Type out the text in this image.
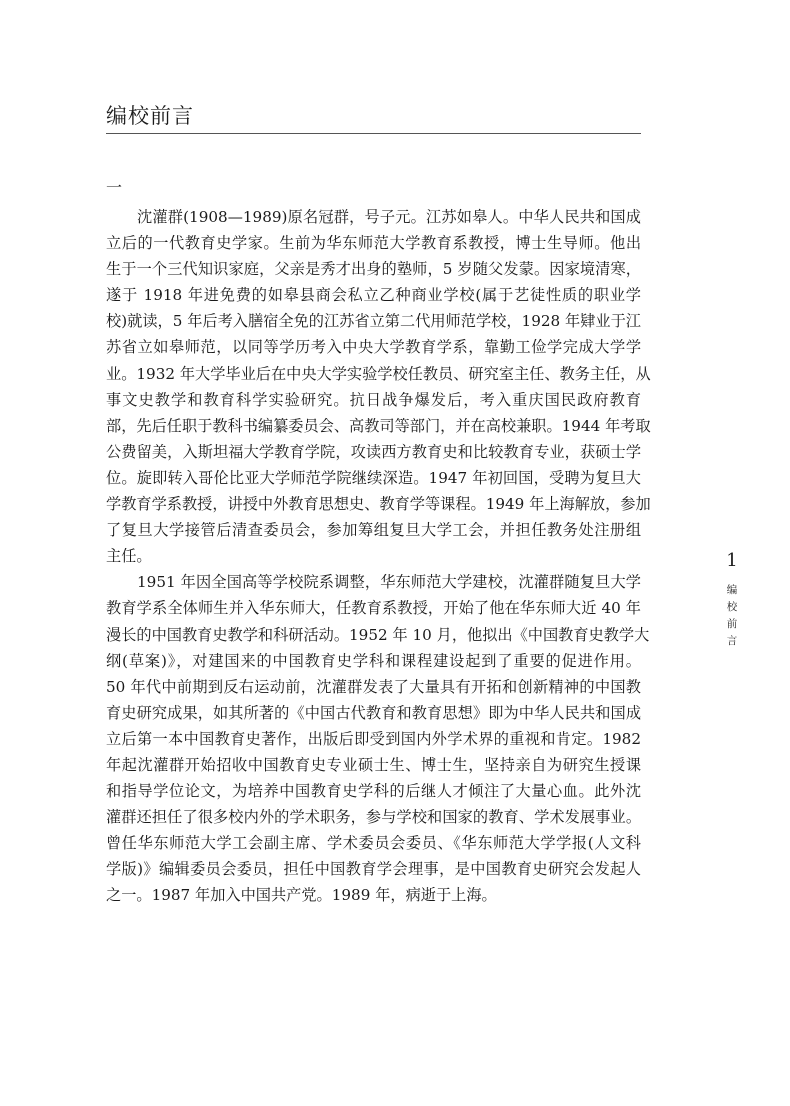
编校前言
一
沈灌群(1908—1989)原名冠群，号子元。江苏如皋人。中华人民共和国成
立后的一代教育史学家。生前为华东师范大学教育系教授，博士生导师。他出
生于一个三代知识家庭，父亲是秀才出身的塾师，5 岁随父发蒙。因家境清寒，
遂于 1918 年进免费的如皋县商会私立乙种商业学校(属于艺徒性质的职业学
校)就读，5 年后考入膳宿全免的江苏省立第二代用师范学校，1928 年肄业于江
苏省立如皋师范，以同等学历考入中央大学教育学系，靠勤工俭学完成大学学
业。1932 年大学毕业后在中央大学实验学校任教员、研究室主任、教务主任，从
事文史教学和教育科学实验研究。抗日战争爆发后，考入重庆国民政府教育
部，先后任职于教科书编纂委员会、高教司等部门，并在高校兼职。1944 年考取
公费留美，入斯坦福大学教育学院，攻读西方教育史和比较教育专业，获硕士学
位。旋即转入哥伦比亚大学师范学院继续深造。1947 年初回国，受聘为复旦大
学教育学系教授，讲授中外教育思想史、教育学等课程。1949 年上海解放，参加
了复旦大学接管后清查委员会，参加筹组复旦大学工会，并担任教务处注册组
主任。
1951 年因全国高等学校院系调整，华东师范大学建校，沈灌群随复旦大学
教育学系全体师生并入华东师大，任教育系教授，开始了他在华东师大近 40 年
漫长的中国教育史教学和科研活动。1952 年 10 月，他拟出《中国教育史教学大
纲(草案)》，对建国来的中国教育史学科和课程建设起到了重要的促进作用。
50 年代中前期到反右运动前，沈灌群发表了大量具有开拓和创新精神的中国教
育史研究成果，如其所著的《中国古代教育和教育思想》即为中华人民共和国成
立后第一本中国教育史著作，出版后即受到国内外学术界的重视和肯定。1982
年起沈灌群开始招收中国教育史专业硕士生、博士生，坚持亲自为研究生授课
和指导学位论文，为培养中国教育史学科的后继人才倾注了大量心血。此外沈
灌群还担任了很多校内外的学术职务，参与学校和国家的教育、学术发展事业。
曾任华东师范大学工会副主席、学术委员会委员、《华东师范大学学报(人文科
学版)》编辑委员会委员，担任中国教育学会理事，是中国教育史研究会发起人
之一。1987 年加入中国共产党。1989 年，病逝于上海。
1
编
校
前
言
